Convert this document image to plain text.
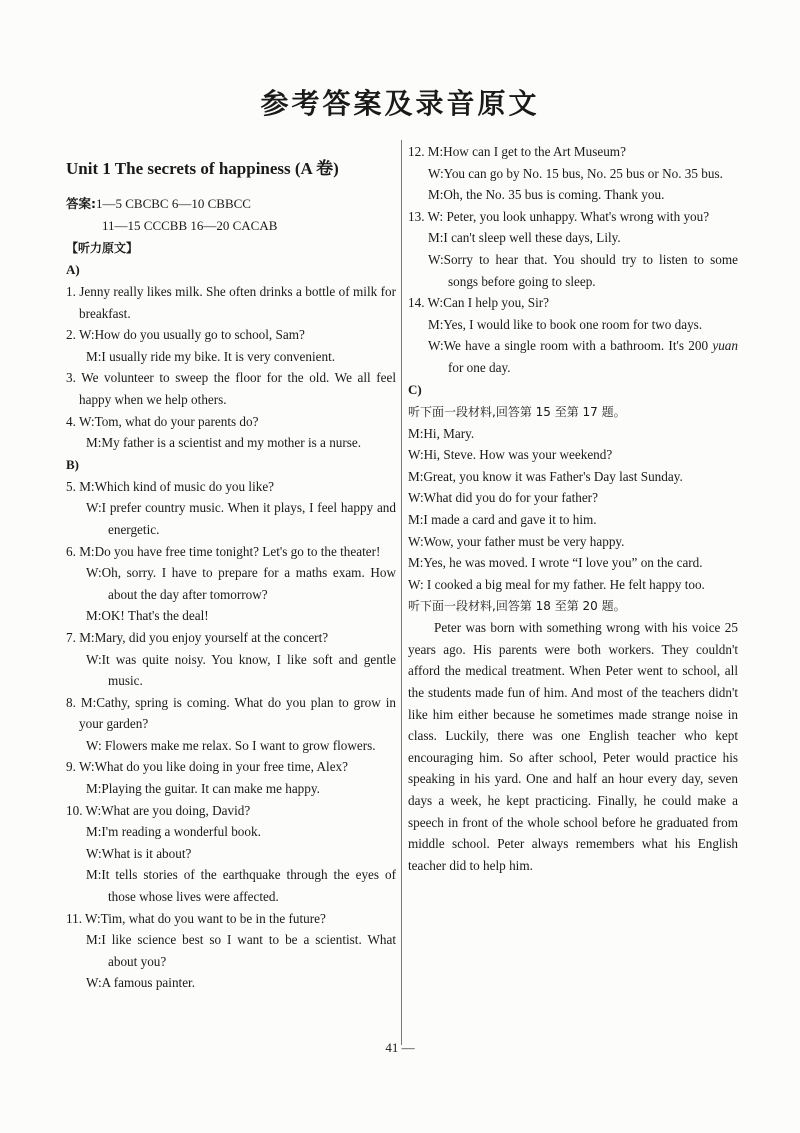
参考答案及录音原文
Unit 1 The secrets of happiness (A 卷)
答案:1—5 CBCBC 6—10 CBBCC
11—15 CCCBB 16—20 CACAB
【听力原文】
A)
1. Jenny really likes milk. She often drinks a bottle of milk for breakfast.
2. W:How do you usually go to school, Sam?
M:I usually ride my bike. It is very convenient.
3. We volunteer to sweep the floor for the old. We all feel happy when we help others.
4. W:Tom, what do your parents do?
M:My father is a scientist and my mother is a nurse.
B)
5. M:Which kind of music do you like?
W:I prefer country music. When it plays, I feel happy and energetic.
6. M:Do you have free time tonight? Let's go to the theater!
W:Oh, sorry. I have to prepare for a maths exam. How about the day after tomorrow?
M:OK! That's the deal!
7. M:Mary, did you enjoy yourself at the concert?
W:It was quite noisy. You know, I like soft and gentle music.
8. M:Cathy, spring is coming. What do you plan to grow in your garden?
W: Flowers make me relax. So I want to grow flowers.
9. W:What do you like doing in your free time, Alex?
M:Playing the guitar. It can make me happy.
10. W:What are you doing, David?
M:I'm reading a wonderful book.
W:What is it about?
M:It tells stories of the earthquake through the eyes of those whose lives were affected.
11. W:Tim, what do you want to be in the future?
M:I like science best so I want to be a scientist. What about you?
W:A famous painter.
12. M:How can I get to the Art Museum?
W:You can go by No. 15 bus, No. 25 bus or No. 35 bus.
M:Oh, the No. 35 bus is coming. Thank you.
13. W: Peter, you look unhappy. What's wrong with you?
M:I can't sleep well these days, Lily.
W:Sorry to hear that. You should try to listen to some songs before going to sleep.
14. W:Can I help you, Sir?
M:Yes, I would like to book one room for two days.
W:We have a single room with a bathroom. It's 200 yuan for one day.
C)
听下面一段材料,回答第 15 至第 17 题。
M:Hi, Mary.
W:Hi, Steve. How was your weekend?
M:Great, you know it was Father's Day last Sunday.
W:What did you do for your father?
M:I made a card and gave it to him.
W:Wow, your father must be very happy.
M:Yes, he was moved. I wrote “I love you” on the card.
W: I cooked a big meal for my father. He felt happy too.
听下面一段材料,回答第 18 至第 20 题。
Peter was born with something wrong with his voice 25 years ago. His parents were both workers. They couldn't afford the medical treatment. When Peter went to school, all the students made fun of him. And most of the teachers didn't like him either because he sometimes made strange noise in class. Luckily, there was one English teacher who kept encouraging him. So after school, Peter would practice his speaking in his yard. One and half an hour every day, seven days a week, he kept practicing. Finally, he could make a speech in front of the whole school before he graduated from middle school. Peter always remembers what his English teacher did to help him.
41 —
